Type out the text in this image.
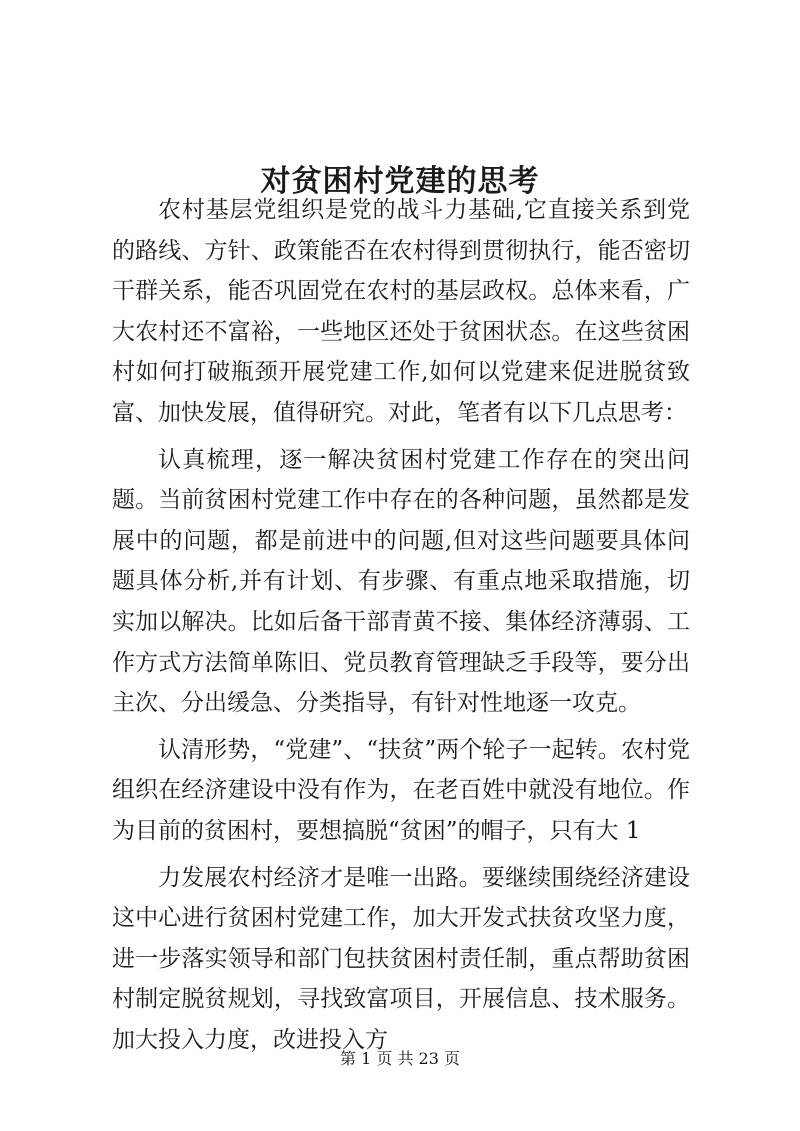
对贫困村党建的思考

农村基层党组织是党的战斗力基础,它直接关系到党的路线、方针、政策能否在农村得到贯彻执行，能否密切干群关系，能否巩固党在农村的基层政权。总体来看，广大农村还不富裕，一些地区还处于贫困状态。在这些贫困村如何打破瓶颈开展党建工作,如何以党建来促进脱贫致富、加快发展，值得研究。对此，笔者有以下几点思考：

认真梳理，逐一解决贫困村党建工作存在的突出问题。当前贫困村党建工作中存在的各种问题，虽然都是发展中的问题，都是前进中的问题,但对这些问题要具体问题具体分析,并有计划、有步骤、有重点地采取措施，切实加以解决。比如后备干部青黄不接、集体经济薄弱、工作方式方法简单陈旧、党员教育管理缺乏手段等，要分出主次、分出缓急、分类指导，有针对性地逐一攻克。

认清形势，“党建”、“扶贫”两个轮子一起转。农村党组织在经济建设中没有作为，在老百姓中就没有地位。作为目前的贫困村，要想搞脱“贫困”的帽子，只有大 1

力发展农村经济才是唯一出路。要继续围绕经济建设这中心进行贫困村党建工作，加大开发式扶贫攻坚力度，进一步落实领导和部门包扶贫困村责任制，重点帮助贫困村制定脱贫规划，寻找致富项目，开展信息、技术服务。加大投入力度，改进投入方

第 1 页 共 23 页
